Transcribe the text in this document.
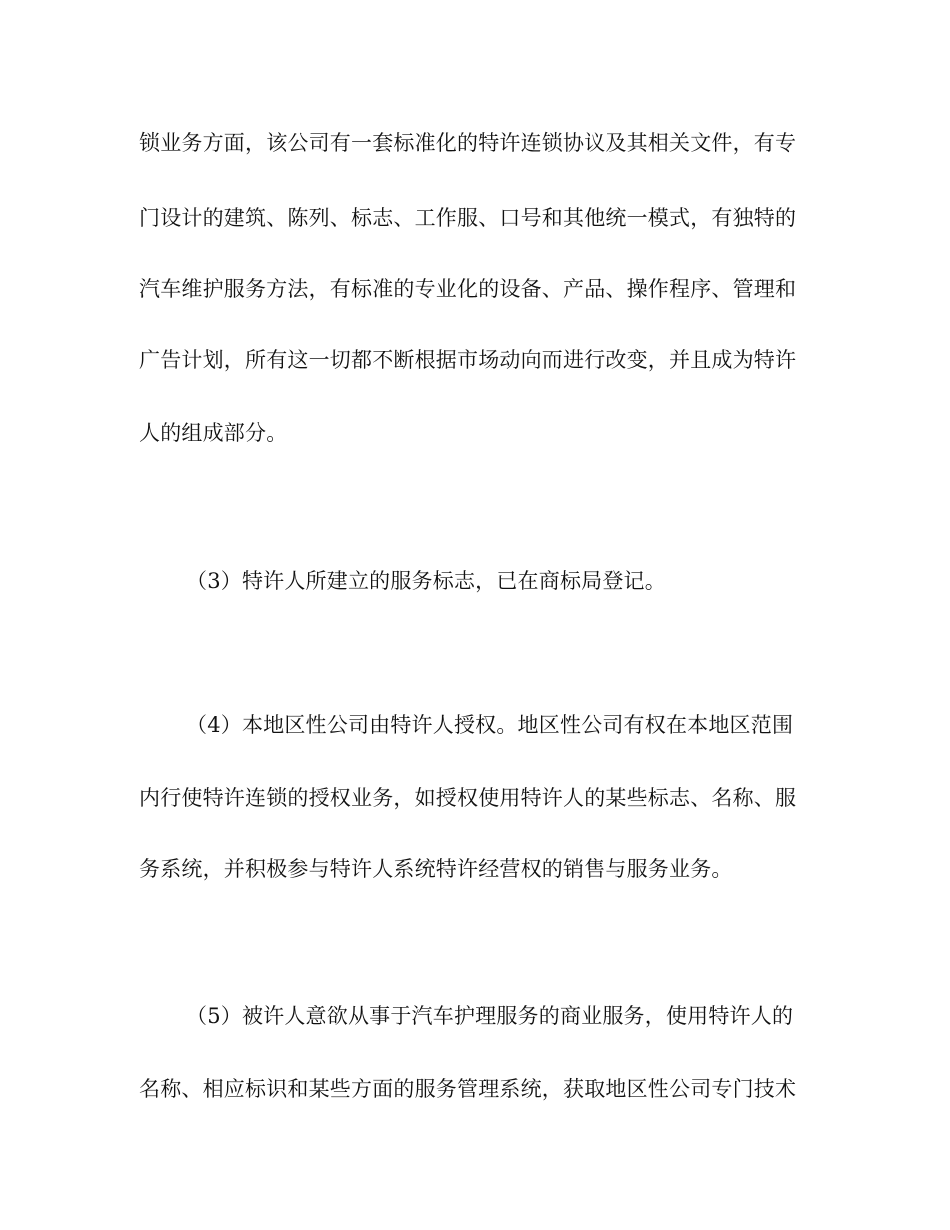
锁业务方面，该公司有一套标准化的特许连锁协议及其相关文件，有专
门设计的建筑、陈列、标志、工作服、口号和其他统一模式，有独特的
汽车维护服务方法，有标准的专业化的设备、产品、操作程序、管理和
广告计划，所有这一切都不断根据市场动向而进行改变，并且成为特许
人的组成部分。
（3）特许人所建立的服务标志，已在商标局登记。
（4）本地区性公司由特许人授权。地区性公司有权在本地区范围
内行使特许连锁的授权业务，如授权使用特许人的某些标志、名称、服
务系统，并积极参与特许人系统特许经营权的销售与服务业务。
（5）被许人意欲从事于汽车护理服务的商业服务，使用特许人的
名称、相应标识和某些方面的服务管理系统，获取地区性公司专门技术
